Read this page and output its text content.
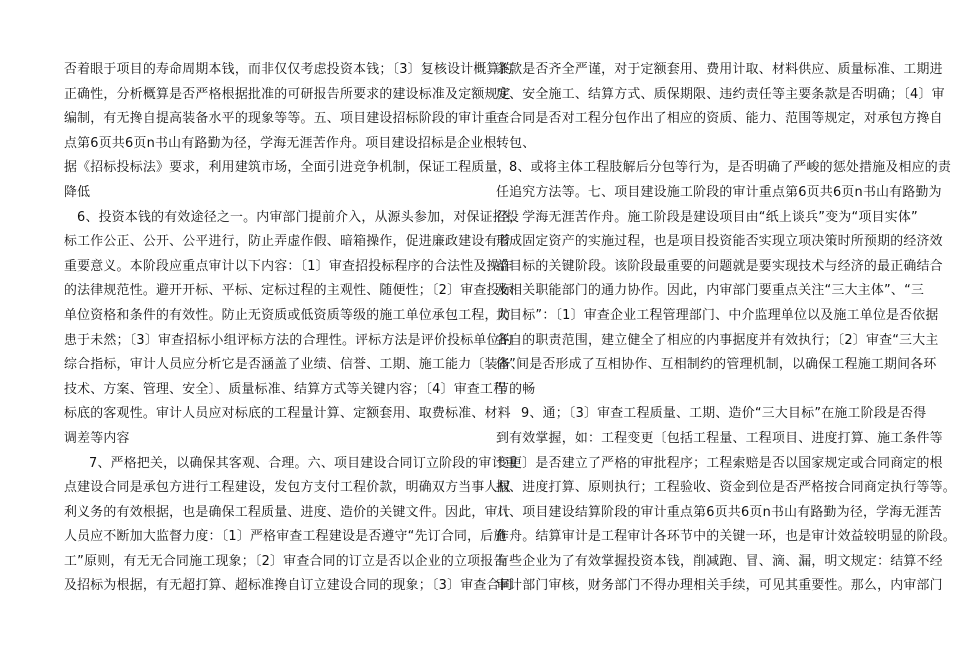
否着眼于项目的寿命周期本钱，而非仅仅考虑投资本钱；〔3〕复核设计概算的
正确性，分析概算是否严格根据批准的可研报告所要求的建设标准及定额规定
编制，有无搀自提高装备水平的现象等等。五、项目建设招标阶段的审计重
点第6页共6页n书山有路勤为径，学海无涯苦作舟。项目建设招标是企业根
据《招标投标法》要求，利用建筑市场，全面引进竞争机制，保证工程质量，
降低
6、投资本钱的有效途径之一。内审部门提前介入，从源头参加，对保证招投
标工作公正、公开、公平进行，防止弄虚作假、暗箱操作，促进廉政建设有着
重要意义。本阶段应重点审计以下内容：〔1〕审查招投标程序的合法性及操作
的法律规范性。避开开标、平标、定标过程的主观性、随便性；〔2〕审查投标
单位资格和条件的有效性。防止无资质或低资质等级的施工单位承包工程，防
患于未然；〔3〕审查招标小组评标方法的合理性。评标方法是评价投标单位的
综合指标，审计人员应分析它是否涵盖了业绩、信誉、工期、施工能力〔装备、
技术、方案、管理、安全〕、质量标准、结算方式等关键内容；〔4〕审查工程
标底的客观性。审计人员应对标底的工程量计算、定额套用、取费标准、材料
调差等内容
7、严格把关，以确保其客观、合理。六、项目建设合同订立阶段的审计重
点建设合同是承包方进行工程建设，发包方支付工程价款，明确双方当事人权
利义务的有效根据，也是确保工程质量、进度、造价的关键文件。因此，审计
人员应不断加大监督力度：〔1〕严格审查工程建设是否遵守“先订合同，后施
工”原则，有无无合同施工现象；〔2〕审查合同的订立是否以企业的立项报告
及招标为根据，有无超打算、超标准搀自订立建设合同的现象；〔3〕审查合同
条款是否齐全严谨，对于定额套用、费用计取、材料供应、质量标准、工期进
度、安全施工、结算方式、质保期限、违约责任等主要条款是否明确；〔4〕审
查合同是否对工程分包作出了相应的资质、能力、范围等规定，对承包方搀自
转包、
8、或将主体工程肢解后分包等行为，是否明确了严峻的惩处措施及相应的责
任追究方法等。七、项目建设施工阶段的审计重点第6页共6页n书山有路勤为
径，学海无涯苦作舟。施工阶段是建设项目由“纸上谈兵”变为“项目实体”
形成固定资产的实施过程，也是项目投资能否实现立项决策时所预期的经济效
益目标的关键阶段。该阶段最重要的问题就是要实现技术与经济的最正确结合
及相关职能部门的通力协作。因此，内审部门要重点关注“三大主体”、“三
大目标”：〔1〕审查企业工程管理部门、中介监理单位以及施工单位是否依据
各自的职责范围，建立健全了相应的内事据度并有效执行；〔2〕审查“三大主
体”间是否形成了互相协作、互相制约的管理机制，以确保工程施工期间各环
节的畅
9、通；〔3〕审查工程质量、工期、造价“三大目标”在施工阶段是否得
到有效掌握，如：工程变更〔包括工程量、工程项目、进度打算、施工条件等
变更〕是否建立了严格的审批程序；工程索赔是否以国家规定或合同商定的根
据、进度打算、原则执行；工程验收、资金到位是否严格按合同商定执行等等。
八、项目建设结算阶段的审计重点第6页共6页n书山有路勤为径，学海无涯苦
作舟。结算审计是工程审计各环节中的关键一环，也是审计效益较明显的阶段。
有些企业为了有效掌握投资本钱，削减跑、冒、滴、漏，明文规定：结算不经
审计部门审核，财务部门不得办理相关手续，可见其重要性。那么，内审部门
